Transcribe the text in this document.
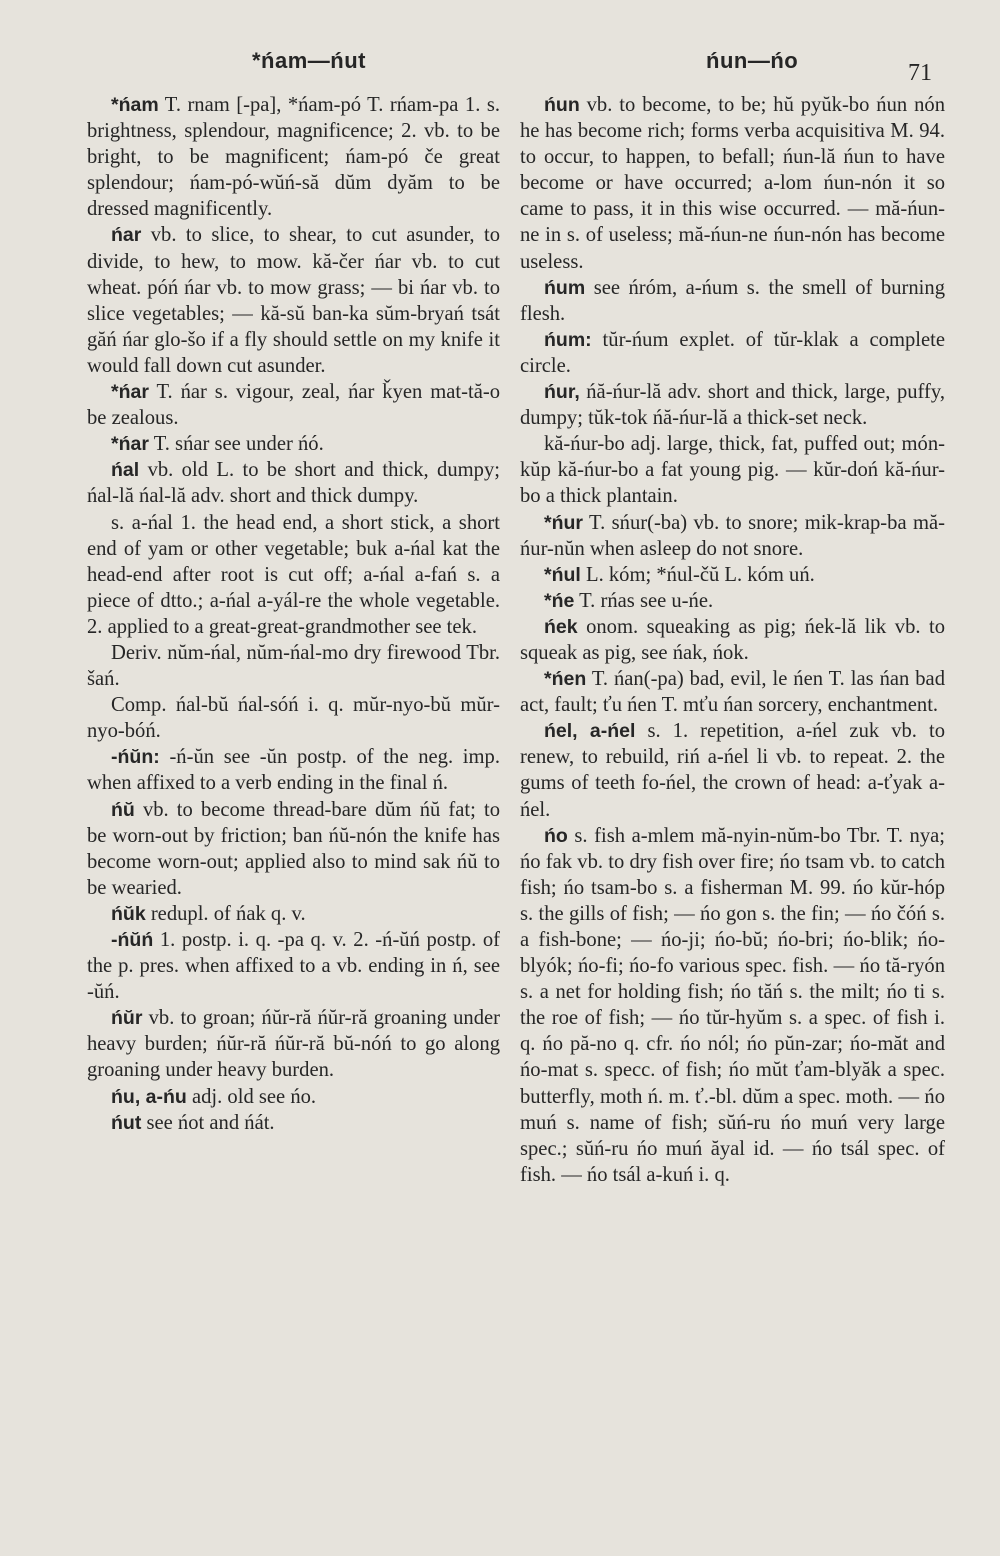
*ńam—ńut	ńun—ńo	71

*ńam T. rnam [-pa], *ńam-pó T. rńam-pa 1. s. brightness, splendour, magnificence; 2. vb. to be bright, to be magnificent; ńam-pó če great splendour; ńam-pó-wŭń-să dŭm dyăm to be dressed magnificently.

ńar vb. to slice, to shear, to cut asunder, to divide, to hew, to mow. kă-čer ńar vb. to cut wheat. póń ńar vb. to mow grass; — bi ńar vb. to slice vegetables; — kă-sŭ ban-ka sŭm-bryań tsát găń ńar glo-šo if a fly should settle on my knife it would fall down cut asunder.

*ńar T. ńar s. vigour, zeal, ńar ǩyen mat-tă-o be zealous.

*ńar T. sńar see under ńó.

ńal vb. old L. to be short and thick, dumpy; ńal-lă ńal-lă adv. short and thick dumpy.

s. a-ńal 1. the head end, a short stick, a short end of yam or other vegetable; buk a-ńal kat the head-end after root is cut off; a-ńal a-fań s. a piece of dtto.; a-ńal a-yál-re the whole vegetable. 2. applied to a great-great-grandmother see tek.

Deriv. nŭm-ńal, nŭm-ńal-mo dry firewood Tbr. šań.

Comp. ńal-bŭ ńal-sóń i. q. mŭr-nyo-bŭ mŭr-nyo-bóń.

-ńŭn: -ń-ŭn see -ŭn postp. of the neg. imp. when affixed to a verb ending in the final ń.

ńŭ vb. to become thread-bare dŭm ńŭ fat; to be worn-out by friction; ban ńŭ-nón the knife has become worn-out; applied also to mind sak ńŭ to be wearied.

ńŭk redupl. of ńak q. v.

-ńŭń 1. postp. i. q. -pa q. v. 2. -ń-ŭń postp. of the p. pres. when affixed to a vb. ending in ń, see -ŭń.

ńŭr vb. to groan; ńŭr-ră ńŭr-ră groaning under heavy burden; ńŭr-ră ńŭr-ră bŭ-nóń to go along groaning under heavy burden.

ńu, a-ńu adj. old see ńo.

ńut see ńot and ńát.

ńun vb. to become, to be; hŭ pyŭk-bo ńun nón he has become rich; forms verba acquisitiva M. 94. to occur, to happen, to befall; ńun-lă ńun to have become or have occurred; a-lom ńun-nón it so came to pass, it in this wise occurred. — mă-ńun-ne in s. of useless; mă-ńun-ne ńun-nón has become useless.

ńum see ńróm, a-ńum s. the smell of burning flesh.

ńum: tŭr-ńum explet. of tŭr-klak a complete circle.

ńur, ńă-ńur-lă adv. short and thick, large, puffy, dumpy; tŭk-tok ńă-ńur-lă a thick-set neck.

kă-ńur-bo adj. large, thick, fat, puffed out; món-kŭp kă-ńur-bo a fat young pig. — kŭr-doń kă-ńur-bo a thick plantain.

*ńur T. sńur(-ba) vb. to snore; mik-krap-ba mă-ńur-nŭn when asleep do not snore.

*ńul L. kóm; *ńul-čŭ L. kóm uń.

*ńe T. rńas see u-ńe.

ńek onom. squeaking as pig; ńek-lă lik vb. to squeak as pig, see ńak, ńok.

*ńen T. ńan(-pa) bad, evil, le ńen T. las ńan bad act, fault; ťu ńen T. mťu ńan sorcery, enchantment.

ńel, a-ńel s. 1. repetition, a-ńel zuk vb. to renew, to rebuild, riń a-ńel li vb. to repeat. 2. the gums of teeth fo-ńel, the crown of head: a-ťyak a-ńel.

ńo s. fish a-mlem mă-nyin-nŭm-bo Tbr. T. nya; ńo fak vb. to dry fish over fire; ńo tsam vb. to catch fish; ńo tsam-bo s. a fisherman M. 99. ńo kŭr-hóp s. the gills of fish; — ńo gon s. the fin; — ńo čóń s. a fish-bone; — ńo-ji; ńo-bŭ; ńo-bri; ńo-blik; ńo-blyók; ńo-fi; ńo-fo various spec. fish. — ńo tă-ryón s. a net for holding fish; ńo tăń s. the milt; ńo ti s. the roe of fish; — ńo tŭr-hyŭm s. a spec. of fish i. q. ńo pă-no q. cfr. ńo nól; ńo pŭn-zar; ńo-măt and ńo-mat s. specc. of fish; ńo mŭt ťam-blyăk a spec. butterfly, moth ń. m. ť.-bl. dŭm a spec. moth. — ńo muń s. name of fish; sŭń-ru ńo muń very large spec.; sŭń-ru ńo muń ăyal id. — ńo tsál spec. of fish. — ńo tsál a-kuń i. q.
